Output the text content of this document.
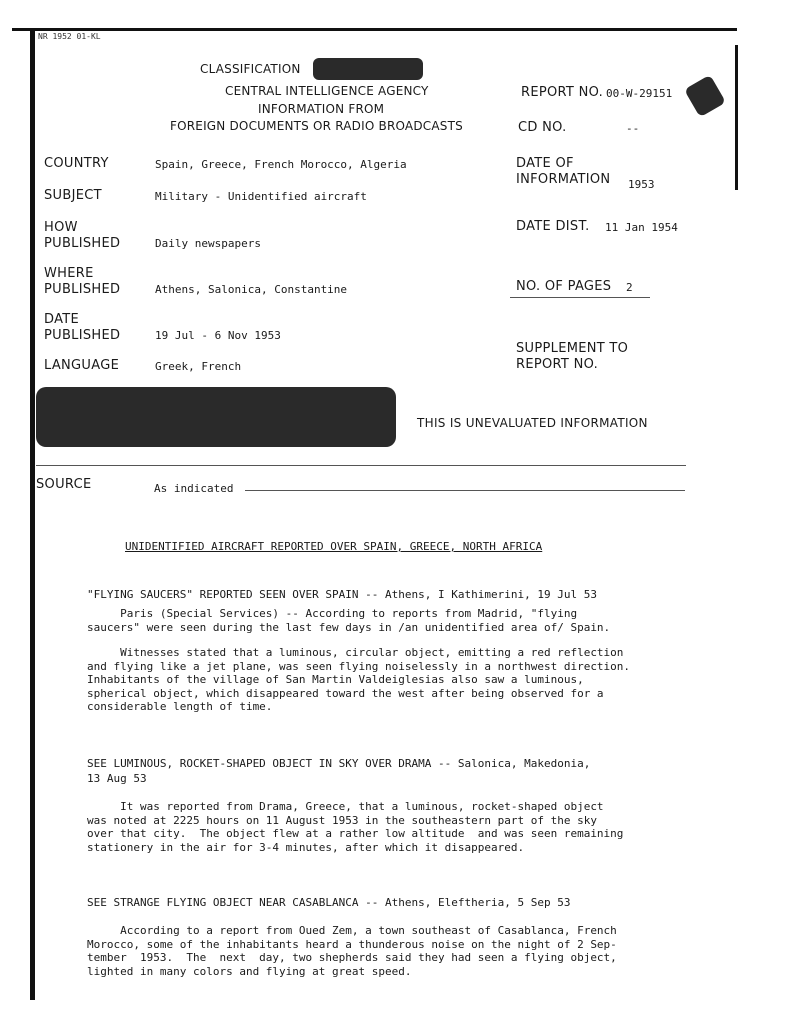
NR 1952 01-KL
CLASSIFICATION
CENTRAL INTELLIGENCE AGENCY
INFORMATION FROM
FOREIGN DOCUMENTS OR RADIO BROADCASTS
REPORT NO. 00-W-29151
CD NO.	--
COUNTRY	Spain, Greece, French Morocco, Algeria
SUBJECT	Military - Unidentified aircraft
HOW
PUBLISHED	Daily newspapers
WHERE
PUBLISHED	Athens, Salonica, Constantine
DATE
PUBLISHED	19 Jul - 6 Nov 1953
LANGUAGE	Greek, French
DATE OF
INFORMATION 1953
DATE DIST. 11 Jan 1954
NO. OF PAGES 2
SUPPLEMENT TO
REPORT NO.
THIS IS UNEVALUATED INFORMATION
SOURCE	As indicated
UNIDENTIFIED AIRCRAFT REPORTED OVER SPAIN, GREECE, NORTH AFRICA
"FLYING SAUCERS" REPORTED SEEN OVER SPAIN -- Athens, I Kathimerini, 19 Jul 53
Paris (Special Services) -- According to reports from Madrid, "flying
saucers" were seen during the last few days in /an unidentified area of/ Spain.
Witnesses stated that a luminous, circular object, emitting a red reflection
and flying like a jet plane, was seen flying noiselessly in a northwest direction.
Inhabitants of the village of San Martin Valdeiglesias also saw a luminous,
spherical object, which disappeared toward the west after being observed for a
considerable length of time.
SEE LUMINOUS, ROCKET-SHAPED OBJECT IN SKY OVER DRAMA -- Salonica, Makedonia,
13 Aug 53
It was reported from Drama, Greece, that a luminous, rocket-shaped object
was noted at 2225 hours on 11 August 1953 in the southeastern part of the sky
over that city.  The object flew at a rather low altitude  and was seen remaining
stationery in the air for 3-4 minutes, after which it disappeared.
SEE STRANGE FLYING OBJECT NEAR CASABLANCA -- Athens, Eleftheria, 5 Sep 53
According to a report from Oued Zem, a town southeast of Casablanca, French
Morocco, some of the inhabitants heard a thunderous noise on the night of 2 Sep-
tember  1953.  The  next  day, two shepherds said they had seen a flying object,
lighted in many colors and flying at great speed.
